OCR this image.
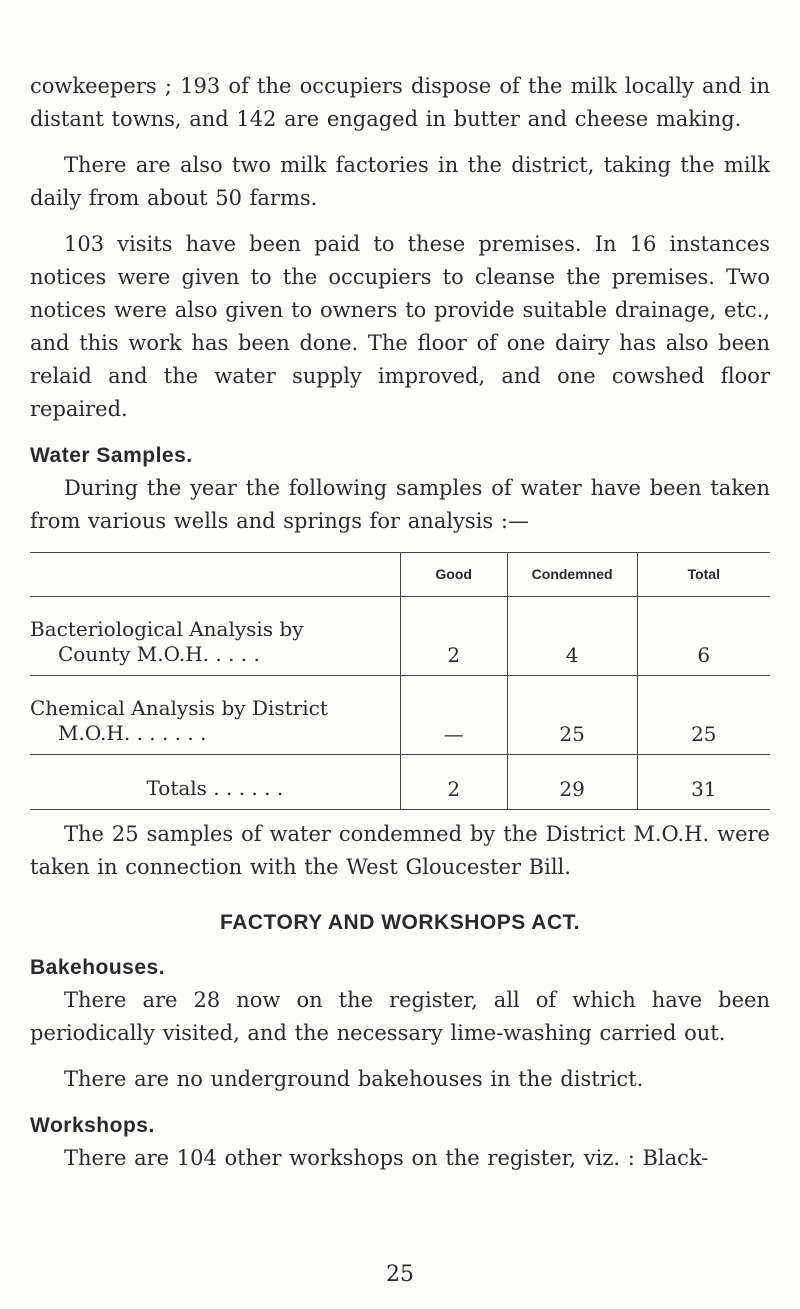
cowkeepers ; 193 of the occupiers dispose of the milk locally and in distant towns, and 142 are engaged in butter and cheese making.

There are also two milk factories in the district, taking the milk daily from about 50 farms.

103 visits have been paid to these premises. In 16 instances notices were given to the occupiers to cleanse the premises. Two notices were also given to owners to provide suitable drainage, etc., and this work has been done. The floor of one dairy has also been relaid and the water supply improved, and one cowshed floor repaired.

Water Samples.

During the year the following samples of water have been taken from various wells and springs for analysis :—

	Good	Condemned	Total

Bacteriological Analysis by
County M.O.H. . . . .	2	4	6

Chemical Analysis by District
M.O.H. . . . . . .	—	25	25
Totals . . . . . .	2	29	31

The 25 samples of water condemned by the District M.O.H. were taken in connection with the West Gloucester Bill.

FACTORY AND WORKSHOPS ACT.
Bakehouses.

There are 28 now on the register, all of which have been periodically visited, and the necessary lime-washing carried out.

There are no underground bakehouses in the district.

Workshops.

There are 104 other workshops on the register, viz. : Black-

25
